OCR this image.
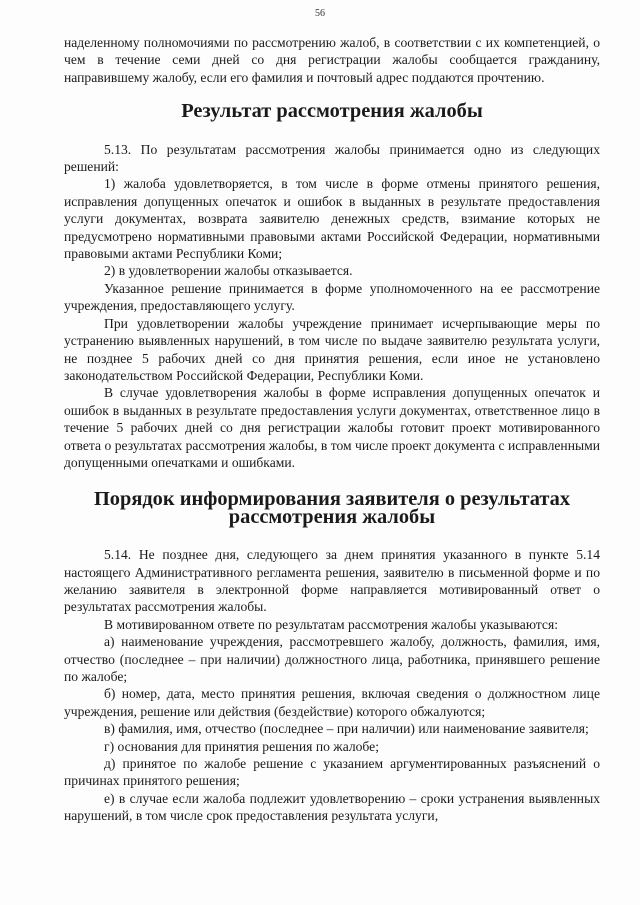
56

наделенному полномочиями по рассмотрению жалоб, в соответствии с их компетенцией, о чем в течение семи дней со дня регистрации жалобы сообщается гражданину, направившему жалобу, если его фамилия и почтовый адрес поддаются прочтению.

Результат рассмотрения жалобы

5.13. По результатам рассмотрения жалобы принимается одно из следующих решений:

1) жалоба удовлетворяется, в том числе в форме отмены принятого решения, исправления допущенных опечаток и ошибок в выданных в результате предоставления услуги документах, возврата заявителю денежных средств, взимание которых не предусмотрено нормативными правовыми актами Российской Федерации, нормативными правовыми актами Республики Коми;

2) в удовлетворении жалобы отказывается.

Указанное решение принимается в форме уполномоченного на ее рассмотрение учреждения, предоставляющего услугу.

При удовлетворении жалобы учреждение принимает исчерпывающие меры по устранению выявленных нарушений, в том числе по выдаче заявителю результата услуги, не позднее 5 рабочих дней со дня принятия решения, если иное не установлено законодательством Российской Федерации, Республики Коми.

В случае удовлетворения жалобы в форме исправления допущенных опечаток и ошибок в выданных в результате предоставления услуги документах, ответственное лицо в течение 5 рабочих дней со дня регистрации жалобы готовит проект мотивированного ответа о результатах рассмотрения жалобы, в том числе проект документа с исправленными допущенными опечатками и ошибками.

Порядок информирования заявителя о результатах рассмотрения жалобы

5.14. Не позднее дня, следующего за днем принятия указанного в пункте 5.14 настоящего Административного регламента решения, заявителю в письменной форме и по желанию заявителя в электронной форме направляется мотивированный ответ о результатах рассмотрения жалобы.

В мотивированном ответе по результатам рассмотрения жалобы указываются:

а) наименование учреждения, рассмотревшего жалобу, должность, фамилия, имя, отчество (последнее – при наличии) должностного лица, работника, принявшего решение по жалобе;

б) номер, дата, место принятия решения, включая сведения о должностном лице учреждения, решение или действия (бездействие) которого обжалуются;

в) фамилия, имя, отчество (последнее – при наличии) или наименование заявителя;

г) основания для принятия решения по жалобе;

д) принятое по жалобе решение с указанием аргументированных разъяснений о причинах принятого решения;

е) в случае если жалоба подлежит удовлетворению – сроки устранения выявленных нарушений, в том числе срок предоставления результата услуги,
